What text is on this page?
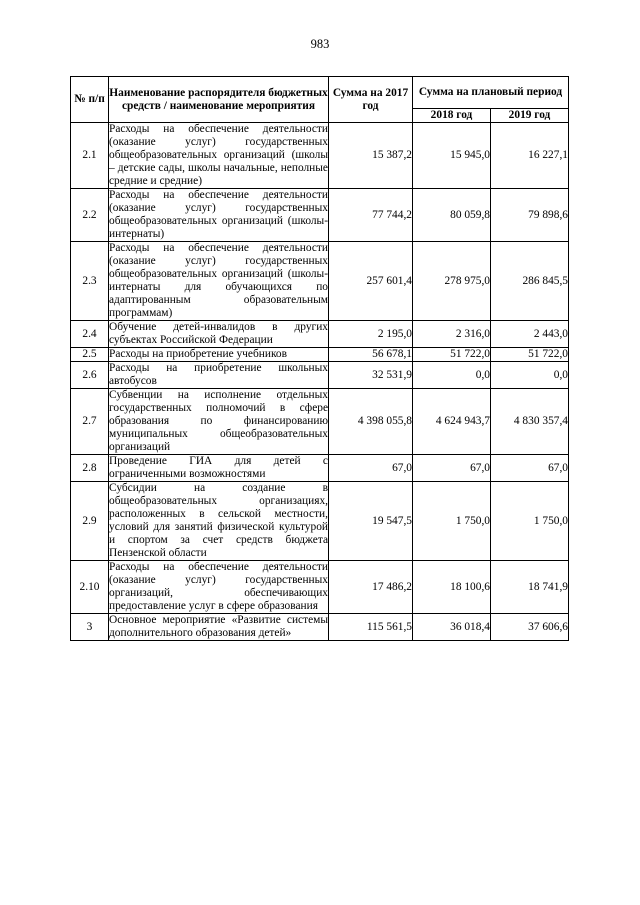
983
№ п/п	Наименование распорядителя бюджетных средств / наименование мероприятия	Сумма на 2017 год	Сумма на плановый период	
			2018 год	2019 год
2.1	Расходы на обеспечение деятельности (оказание услуг) государственных общеобразовательных организаций (школы – детские сады, школы начальные, неполные средние и средние)	15 387,2	15 945,0	16 227,1
2.2	Расходы на обеспечение деятельности (оказание услуг) государственных общеобразовательных организаций (школы-интернаты)	77 744,2	80 059,8	79 898,6
2.3	Расходы на обеспечение деятельности (оказание услуг) государственных общеобразовательных организаций (школы-интернаты для обучающихся по адаптированным образовательным программам)	257 601,4	278 975,0	286 845,5
2.4	Обучение детей-инвалидов в других субъектах Российской Федерации	2 195,0	2 316,0	2 443,0
2.5	Расходы на приобретение учебников	56 678,1	51 722,0	51 722,0
2.6	Расходы на приобретение школьных автобусов	32 531,9	0,0	0,0
2.7	Субвенции на исполнение отдельных государственных полномочий в сфере образования по финансированию муниципальных общеобразовательных организаций	4 398 055,8	4 624 943,7	4 830 357,4
2.8	Проведение ГИА для детей с ограниченными возможностями	67,0	67,0	67,0
2.9	Субсидии на создание в общеобразовательных организациях, расположенных в сельской местности, условий для занятий физической культурой и спортом за счет средств бюджета Пензенской области	19 547,5	1 750,0	1 750,0
2.10	Расходы на обеспечение деятельности (оказание услуг) государственных организаций, обеспечивающих предоставление услуг в сфере образования	17 486,2	18 100,6	18 741,9
3	Основное мероприятие «Развитие системы дополнительного образования детей»	115 561,5	36 018,4	37 606,6
